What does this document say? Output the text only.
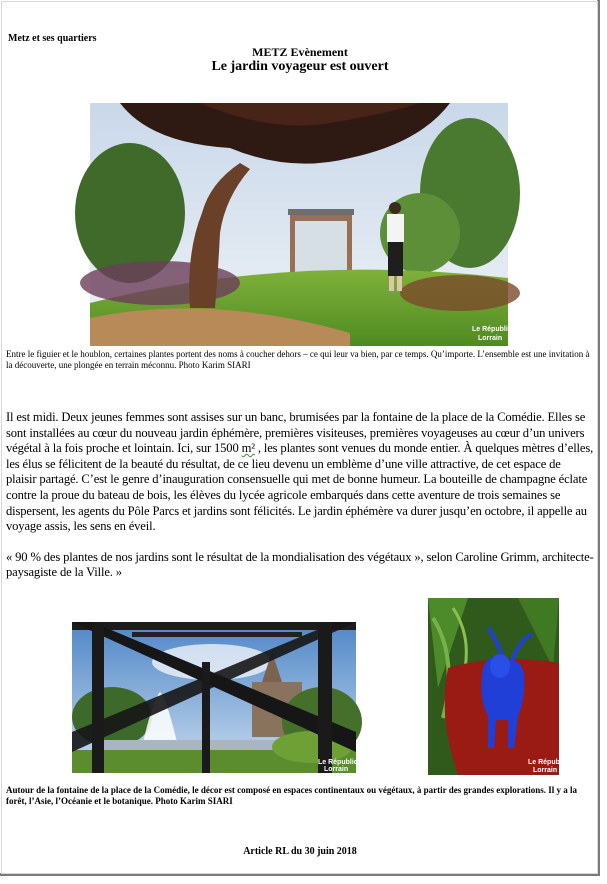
Metz et ses quartiers
METZ Evènement
Le jardin voyageur est ouvert
Le Républicain
Lorrain
Entre le figuier et le houblon, certaines plantes portent des noms à coucher dehors – ce qui leur va bien, par ce temps. Qu’importe. L’ensemble est une invitation à la découverte, une plongée en terrain méconnu. Photo Karim SIARI

Il est midi. Deux jeunes femmes sont assises sur un banc, brumisées par la fontaine de la place de la Comédie. Elles se sont installées au cœur du nouveau jardin éphémère, premières visiteuses, premières voyageuses au cœur d’un univers végétal à la fois proche et lointain. Ici, sur 1500 m² , les plantes sont venues du monde entier. À quelques mètres d’elles, les élus se félicitent de la beauté du résultat, de ce lieu devenu un emblème d’une ville attractive, de cet espace de plaisir partagé. C’est le genre d’inauguration consensuelle qui met de bonne humeur. La bouteille de champagne éclate contre la proue du bateau de bois, les élèves du lycée agricole embarqués dans cette aventure de trois semaines se dispersent, les agents du Pôle Parcs et jardins sont félicités. Le jardin éphémère va durer jusqu’en octobre, il appelle au voyage assis, les sens en éveil.

« 90 % des plantes de nos jardins sont le résultat de la mondialisation des végétaux », selon Caroline Grimm, architecte-paysagiste de la Ville. »

Le Républicain
Lorrain
Le Républicain
Lorrain
Autour de la fontaine de la place de la Comédie, le décor est composé en espaces continentaux ou végétaux, à partir des grandes explorations. Il y a la forêt, l’Asie, l’Océanie et le botanique. Photo Karim SIARI
Article RL du 30 juin 2018
